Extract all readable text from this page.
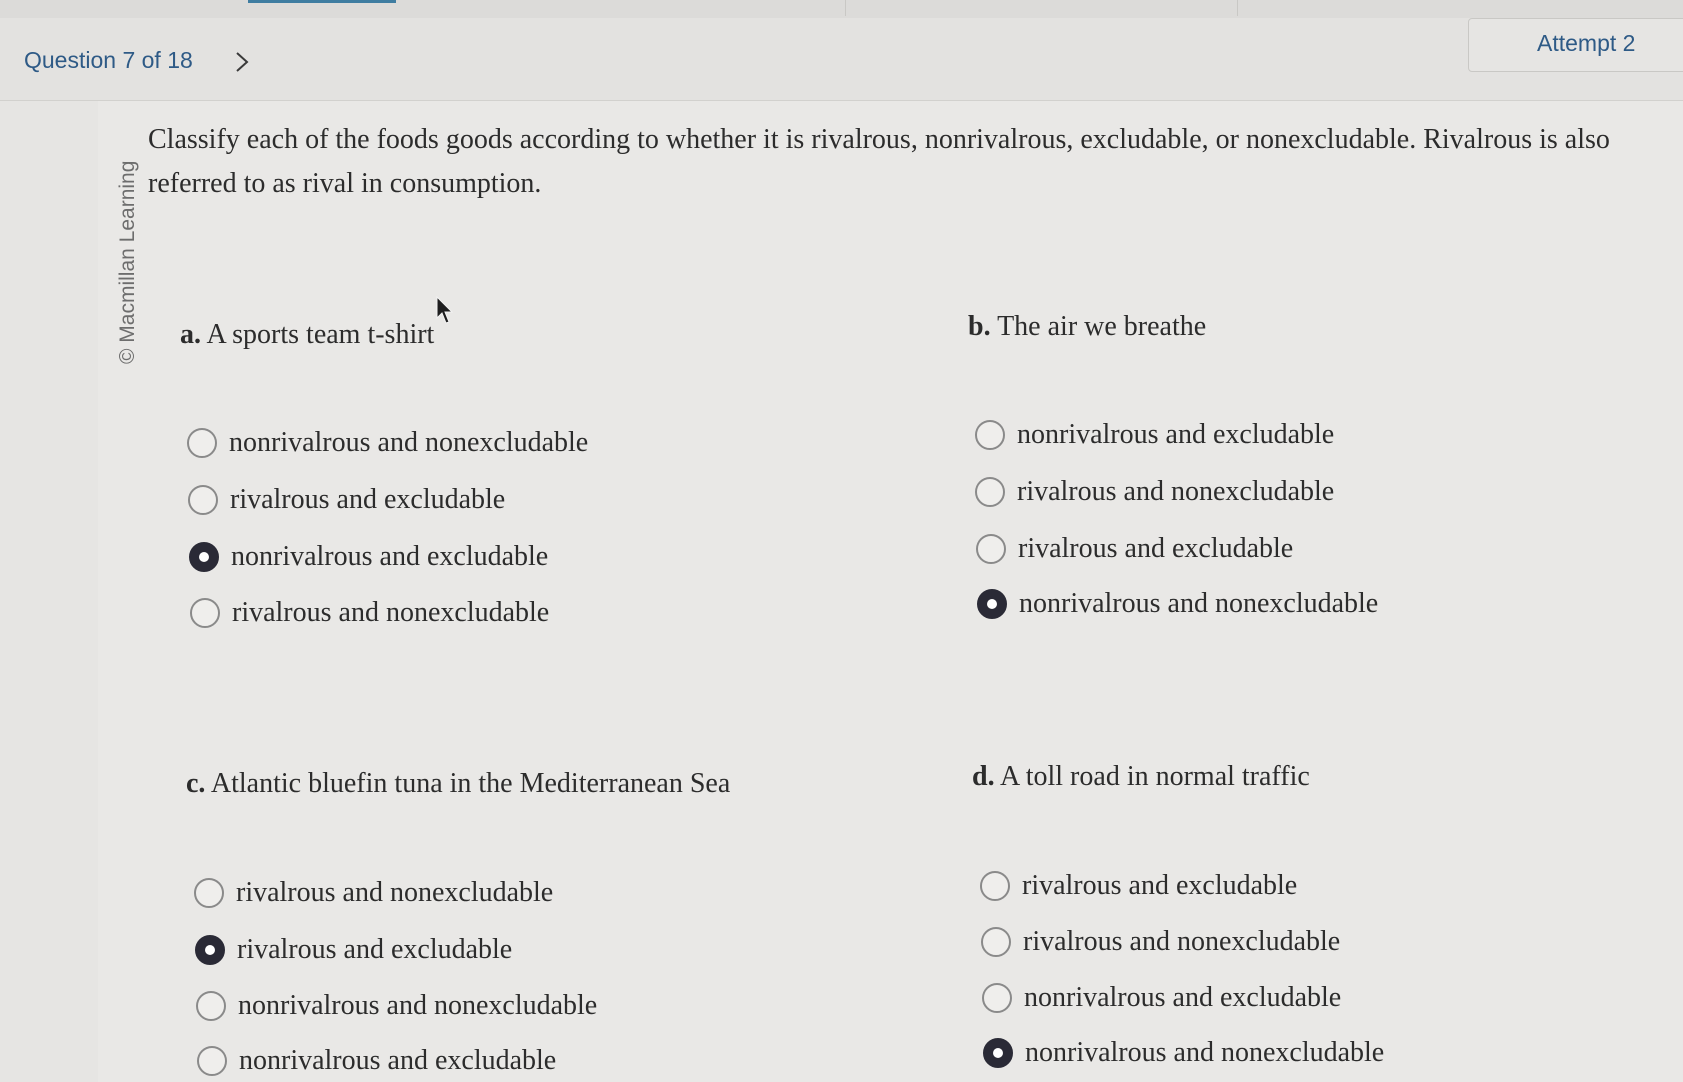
Question 7 of 18
Attempt 2
© Macmillan Learning
Classify each of the foods goods according to whether it is rivalrous, nonrivalrous, excludable, or nonexcludable. Rivalrous is also referred to as rival in consumption.
a. A sports team t-shirt
nonrivalrous and nonexcludable
rivalrous and excludable
nonrivalrous and excludable
rivalrous and nonexcludable
b. The air we breathe
nonrivalrous and excludable
rivalrous and nonexcludable
rivalrous and excludable
nonrivalrous and nonexcludable
c. Atlantic bluefin tuna in the Mediterranean Sea
rivalrous and nonexcludable
rivalrous and excludable
nonrivalrous and nonexcludable
nonrivalrous and excludable
d. A toll road in normal traffic
rivalrous and excludable
rivalrous and nonexcludable
nonrivalrous and excludable
nonrivalrous and nonexcludable
